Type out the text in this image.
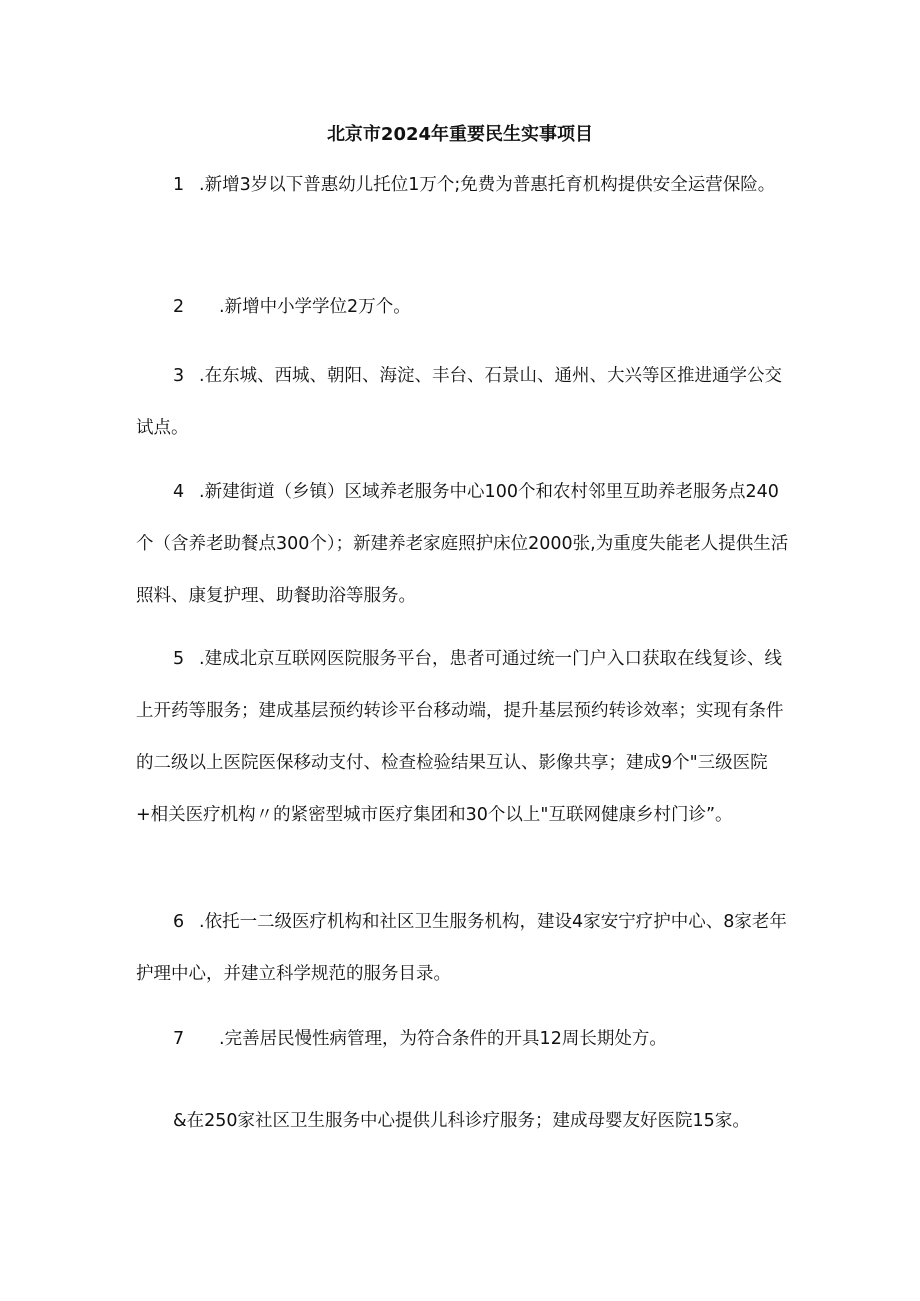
北京市2024年重要民生实事项目

1 .新增3岁以下普惠幼儿托位1万个;免费为普惠托育机构提供安全运营保险。

2 .新增中小学学位2万个。

3 .在东城、西城、朝阳、海淀、丰台、石景山、通州、大兴等区推进通学公交试点。

4 .新建街道（乡镇）区域养老服务中心100个和农村邻里互助养老服务点240个（含养老助餐点300个）；新建养老家庭照护床位2000张,为重度失能老人提供生活照料、康复护理、助餐助浴等服务。

5 .建成北京互联网医院服务平台，患者可通过统一门户入口获取在线复诊、线上开药等服务；建成基层预约转诊平台移动端，提升基层预约转诊效率；实现有条件的二级以上医院医保移动支付、检查检验结果互认、影像共享；建成9个"三级医院+相关医疗机构〃的紧密型城市医疗集团和30个以上"互联网健康乡村门诊”。

6 .依托一二级医疗机构和社区卫生服务机构，建设4家安宁疗护中心、8家老年护理中心，并建立科学规范的服务目录。

7 .完善居民慢性病管理，为符合条件的开具12周长期处方。

&在250家社区卫生服务中心提供儿科诊疗服务；建成母婴友好医院15家。
